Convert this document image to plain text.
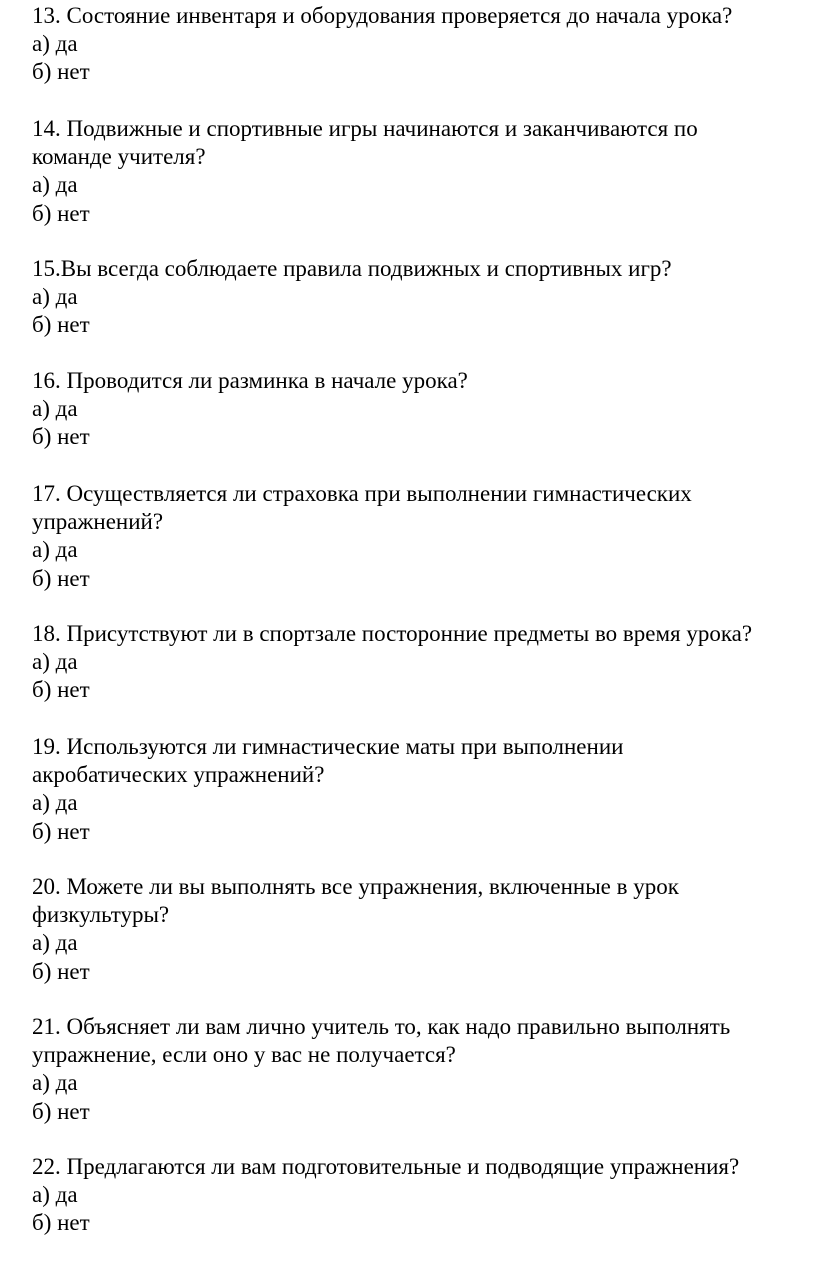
13. Состояние инвентаря и оборудования проверяется до начала урока?
а) да
б) нет
14. Подвижные и спортивные игры начинаются и заканчиваются по
команде учителя?
а) да
б) нет
15.Вы всегда соблюдаете правила подвижных и спортивных игр?
а) да
б) нет
16. Проводится ли разминка в начале урока?
а) да
б) нет
17. Осуществляется ли страховка при выполнении гимнастических
упражнений?
а) да
б) нет
18. Присутствуют ли в спортзале посторонние предметы во время урока?
а) да
б) нет
19. Используются ли гимнастические маты при выполнении
акробатических упражнений?
а) да
б) нет
20. Можете ли вы выполнять все упражнения, включенные в урок
физкультуры?
а) да
б) нет
21. Объясняет ли вам лично учитель то, как надо правильно выполнять
упражнение, если оно у вас не получается?
а) да
б) нет
22. Предлагаются ли вам подготовительные и подводящие упражнения?
а) да
б) нет
